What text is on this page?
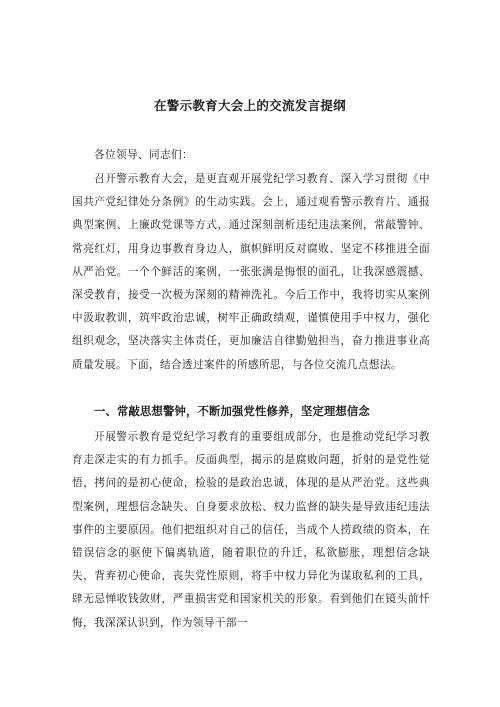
在警示教育大会上的交流发言提纲
各位领导、同志们：
召开警示教育大会，是更直观开展党纪学习教育、深入学习贯彻《中国共产党纪律处分条例》的生动实践。会上，通过观看警示教育片、通报典型案例、上廉政党课等方式，通过深刻剖析违纪违法案例，常敲警钟、常亮红灯，用身边事教育身边人，旗帜鲜明反对腐败、坚定不移推进全面从严治党。一个个鲜活的案例，一张张满是悔恨的面孔，让我深感震撼、深受教育，接受一次极为深刻的精神洗礼。今后工作中，我将切实从案例中汲取教训，筑牢政治忠诚，树牢正确政绩观，谨慎使用手中权力，强化组织观念，坚决落实主体责任，更加廉洁自律勤勉担当，奋力推进事业高质量发展。下面，结合透过案件的所感所思，与各位交流几点想法。
一、常敲思想警钟，不断加强党性修养，坚定理想信念
开展警示教育是党纪学习教育的重要组成部分，也是推动党纪学习教育走深走实的有力抓手。反面典型，揭示的是腐败问题，折射的是党性觉悟，拷问的是初心使命，检验的是政治忠诚，体现的是从严治党。这些典型案例，理想信念缺失、自身要求放松、权力监督的缺失是导致违纪违法事件的主要原因。他们把组织对自己的信任，当成个人捞政绩的资本，在错误信念的驱使下偏离轨道，随着职位的升迁，私欲膨胀，理想信念缺失，背弃初心使命，丧失党性原则，将手中权力异化为谋取私利的工具，肆无忌惮收钱敛财，严重损害党和国家机关的形象。看到他们在镜头前忏悔，我深深认识到，作为领导干部一
